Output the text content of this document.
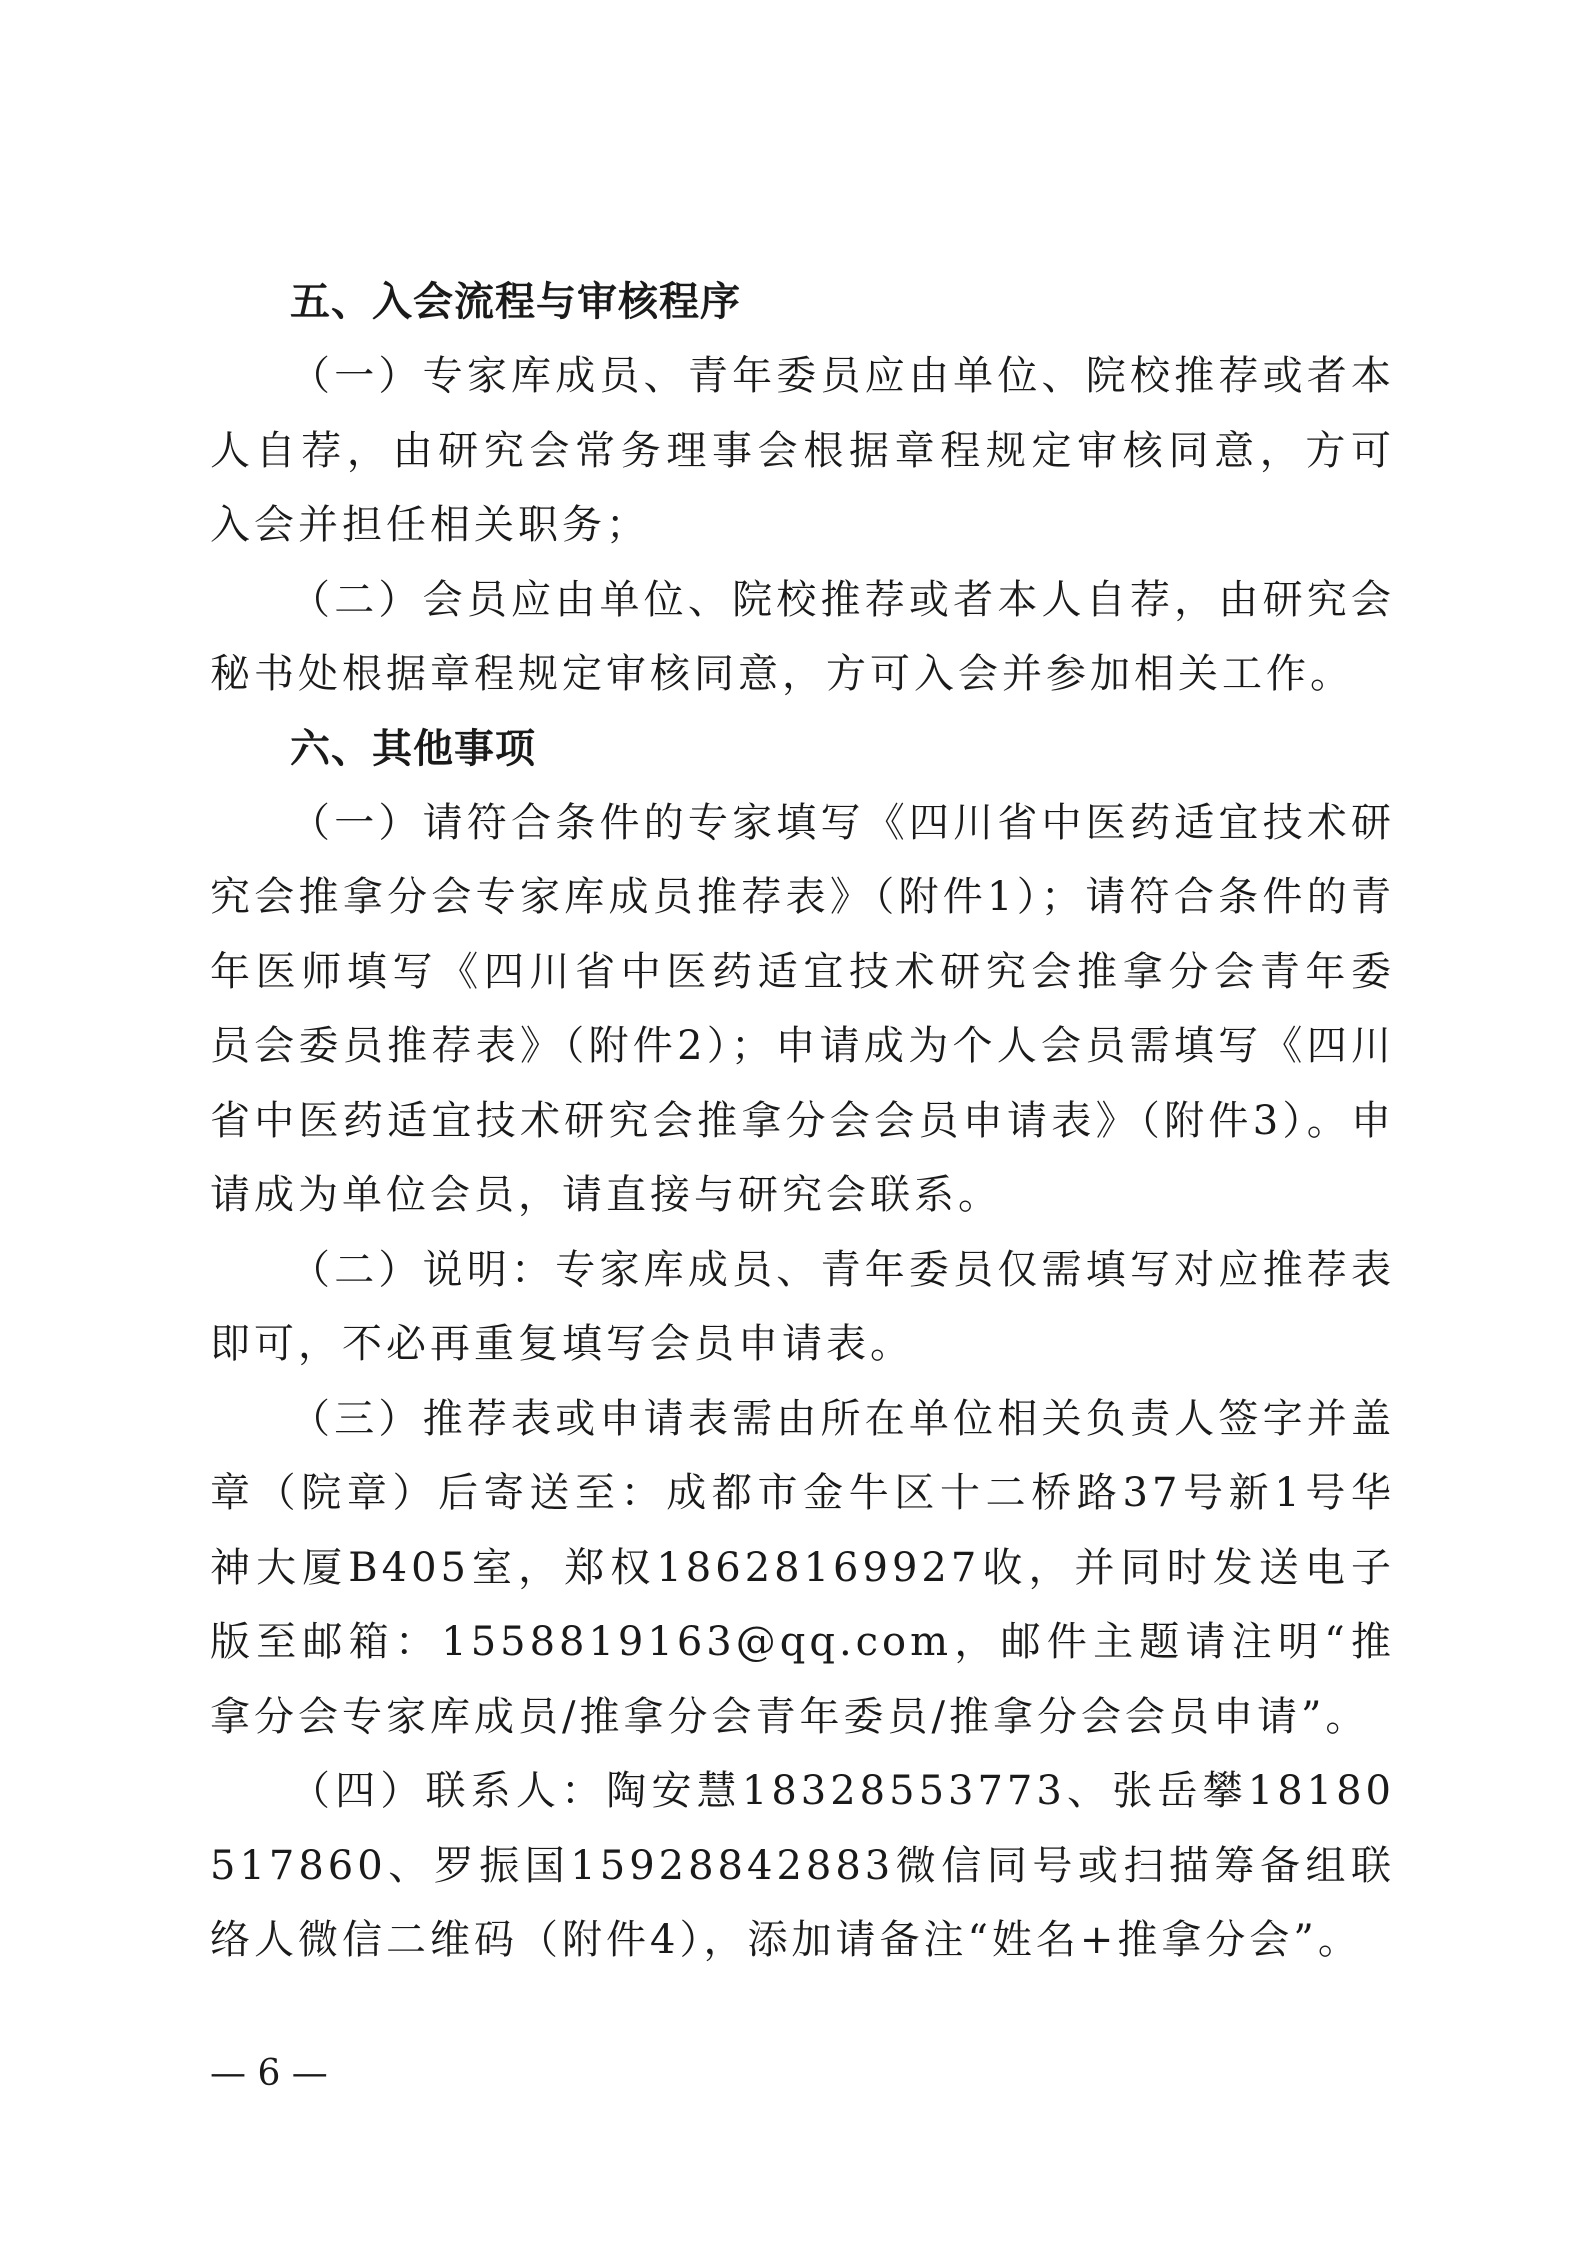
五、入会流程与审核程序

（一）专家库成员、青年委员应由单位、院校推荐或者本人自荐，由研究会常务理事会根据章程规定审核同意，方可入会并担任相关职务；

（二）会员应由单位、院校推荐或者本人自荐，由研究会秘书处根据章程规定审核同意，方可入会并参加相关工作。

六、其他事项

（一）请符合条件的专家填写《四川省中医药适宜技术研究会推拿分会专家库成员推荐表》（附件1）；请符合条件的青年医师填写《四川省中医药适宜技术研究会推拿分会青年委员会委员推荐表》（附件2）；申请成为个人会员需填写《四川省中医药适宜技术研究会推拿分会会员申请表》（附件3）。申请成为单位会员，请直接与研究会联系。

（二）说明：专家库成员、青年委员仅需填写对应推荐表即可，不必再重复填写会员申请表。

（三）推荐表或申请表需由所在单位相关负责人签字并盖章（院章）后寄送至：成都市金牛区十二桥路37号新1号华神大厦B405室，郑权18628169927收，并同时发送电子版至邮箱：1558819163@qq.com，邮件主题请注明“推拿分会专家库成员/推拿分会青年委员/推拿分会会员申请”。

（四）联系人：陶安慧18328553773、张岳攀18180517860、罗振国15928842883微信同号或扫描筹备组联络人微信二维码（附件4），添加请备注“姓名+推拿分会”。

— 6 —
